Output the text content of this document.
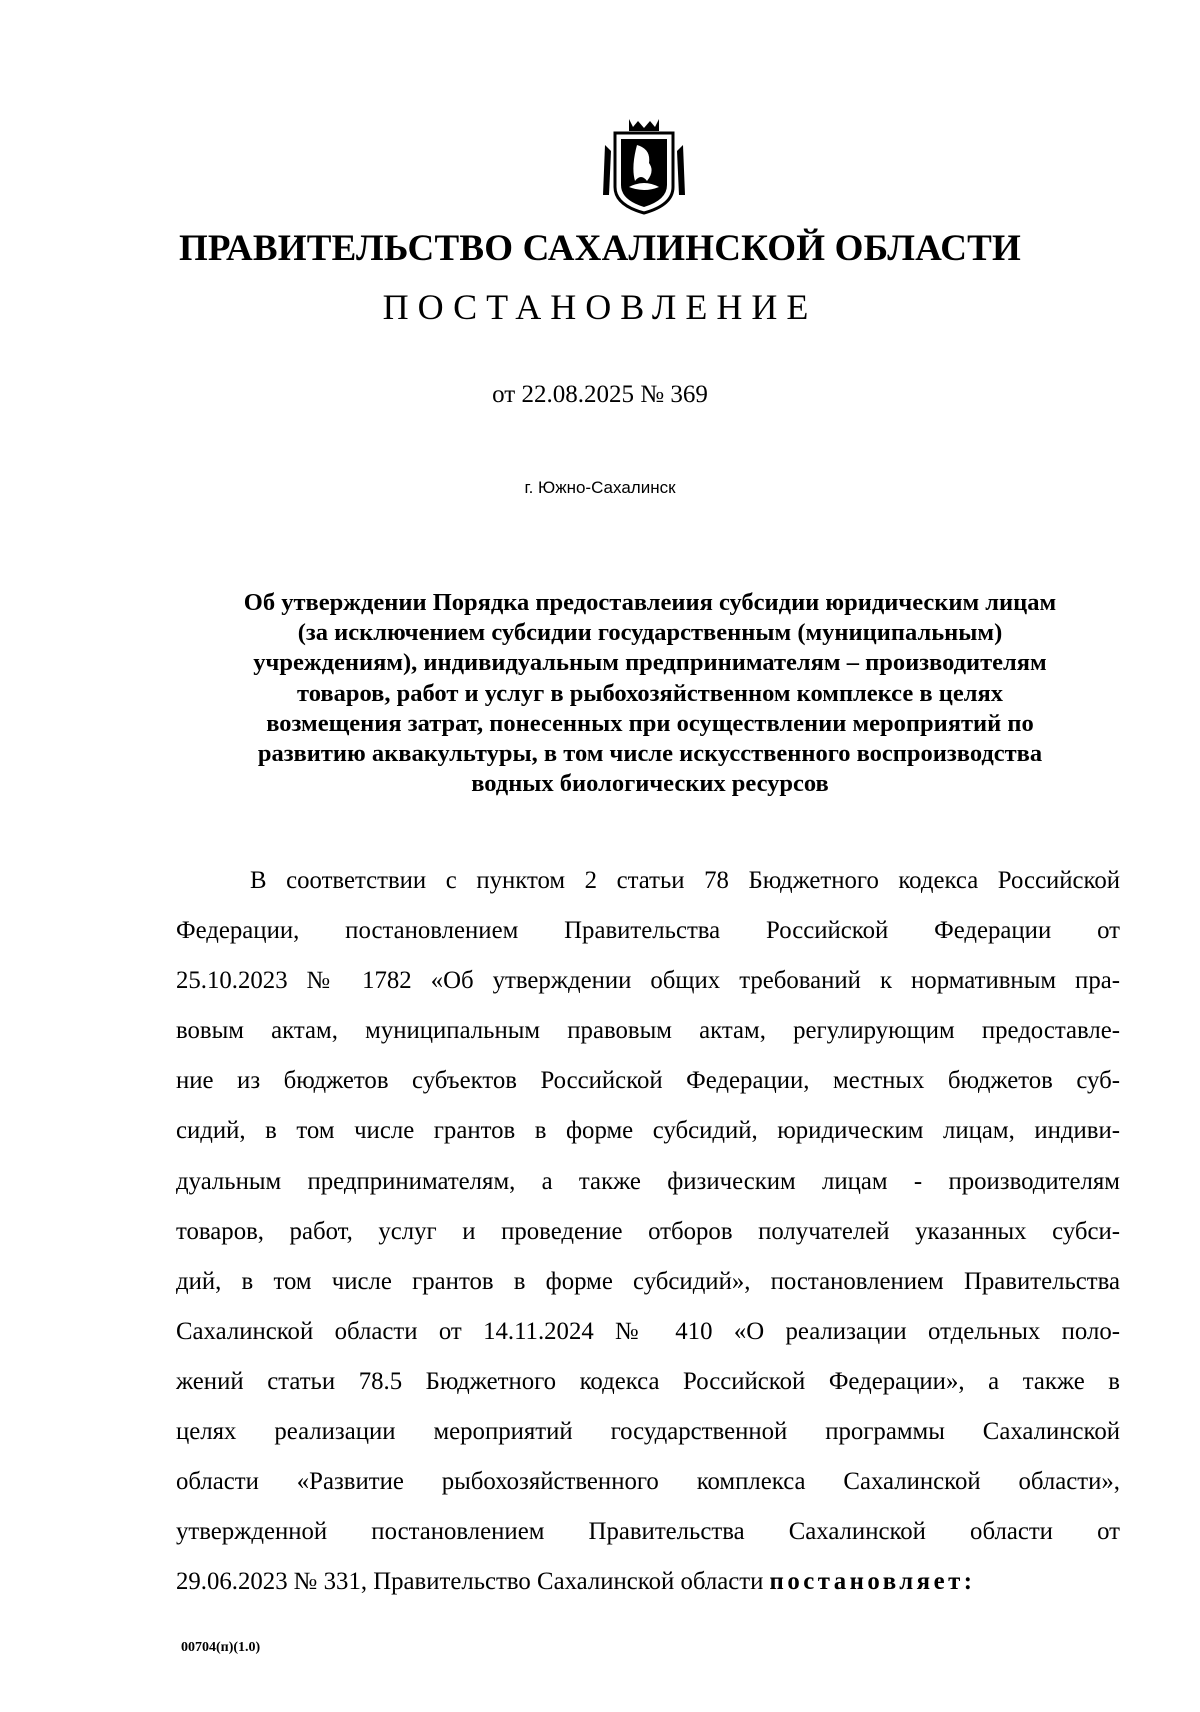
ПРАВИТЕЛЬСТВО САХАЛИНСКОЙ ОБЛАСТИ
ПОСТАНОВЛЕНИЕ
от 22.08.2025 № 369
г. Южно-Сахалинск
Об утверждении Порядка предоставлеиия субсидии юридическим лицам
(за исключением субсидии государственным (муниципальным)
учреждениям), индивидуальным предпринимателям – производителям
товаров, работ и услуг в рыбохозяйственном комплексе в целях
возмещения затрат, понесенных при осуществлении мероприятий по
развитию аквакультуры, в том числе искусственного воспроизводства
водных биологических ресурсов
В соответствии с пунктом 2 статьи 78 Бюджетного кодекса Российской
Федерации, постановлением Правительства Российской Федерации от
25.10.2023 № 1782 «Об утверждении общих требований к нормативным пра-
вовым актам, муниципальным правовым актам, регулирующим предоставле-
ние из бюджетов субъектов Российской Федерации, местных бюджетов суб-
сидий, в том числе грантов в форме субсидий, юридическим лицам, индиви-
дуальным предпринимателям, а также физическим лицам - производителям
товаров, работ, услуг и проведение отборов получателей указанных субси-
дий, в том числе грантов в форме субсидий», постановлением Правительства
Сахалинской области от 14.11.2024 № 410 «О реализации отдельных поло-
жений статьи 78.5 Бюджетного кодекса Российской Федерации», а также в
целях реализации мероприятий государственной программы Сахалинской
области «Развитие рыбохозяйственного комплекса Сахалинской области»,
утвержденной постановлением Правительства Сахалинской области от
29.06.2023 № 331, Правительство Сахалинской области постановляет:
00704(п)(1.0)
